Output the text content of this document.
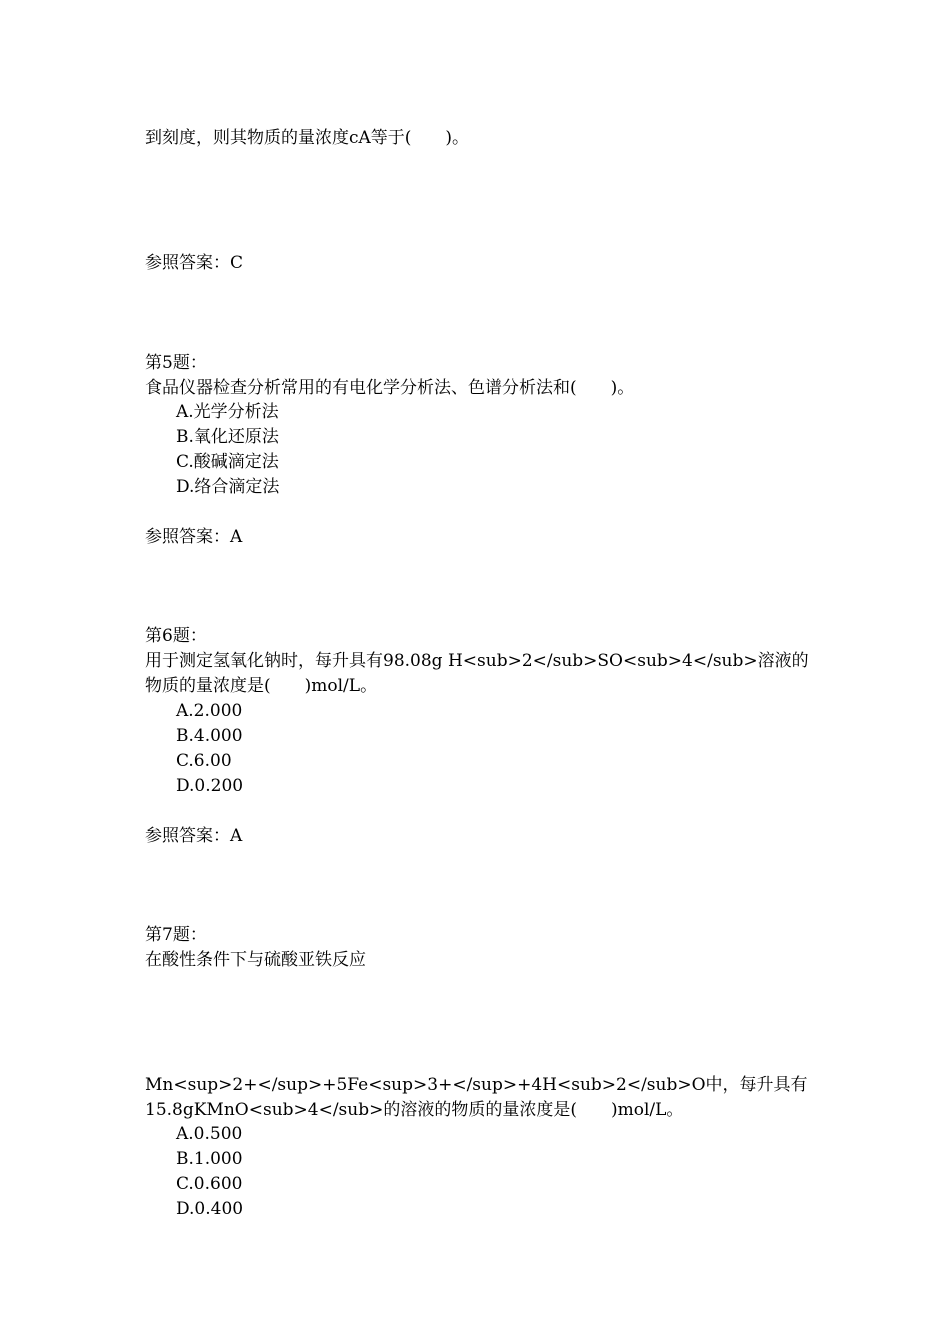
到刻度，则其物质的量浓度cA等于(　　)。
参照答案：C
第5题：
食品仪器检查分析常用的有电化学分析法、色谱分析法和(　　)。
A.光学分析法
B.氧化还原法
C.酸碱滴定法
D.络合滴定法
参照答案：A
第6题：
用于测定氢氧化钠时，每升具有98.08g H<sub>2</sub>SO<sub>4</sub>溶液的
物质的量浓度是(　　)mol/L。
A.2.000
B.4.000
C.6.00
D.0.200
参照答案：A
第7题：
在酸性条件下与硫酸亚铁反应
Mn<sup>2+</sup>+5Fe<sup>3+</sup>+4H<sub>2</sub>O中，每升具有
15.8gKMnO<sub>4</sub>的溶液的物质的量浓度是(　　)mol/L。
A.0.500
B.1.000
C.0.600
D.0.400
